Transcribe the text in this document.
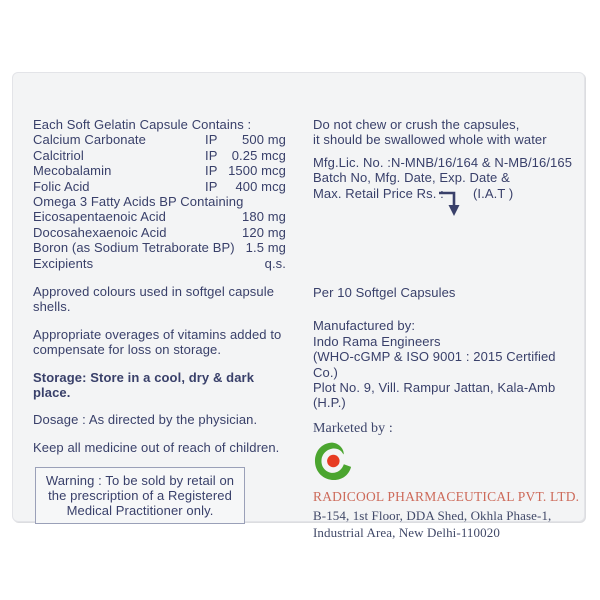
Each Soft Gelatin Capsule Contains :
Calcium Carbonate	IP 500 mg
Calcitriol	IP 0.25 mcg
Mecobalamin	IP 1500 mcg
Folic Acid	IP 400 mcg
Omega 3 Fatty Acids BP Containing
Eicosapentaenoic Acid	180 mg
Docosahexaenoic Acid	120 mg
Boron (as Sodium Tetraborate BP) 1.5 mg
Excipients	q.s.

Approved colours used in softgel capsule shells.

Appropriate overages of vitamins added to compensate for loss on storage.

Storage: Store in a cool, dry & dark place.

Dosage : As directed by the physician.

Keep all medicine out of reach of children.

Warning : To be sold by retail on the prescription of a Registered Medical Practitioner only.
Do not chew or crush the capsules,
it should be swallowed whole with water
Mfg.Lic. No. :N-MNB/16/164 & N-MB/16/165
Batch No, Mfg. Date, Exp. Date &
Max. Retail Price Rs. : (I.A.T )
Per 10 Softgel Capsules
Manufactured by:
Indo Rama Engineers
(WHO-cGMP & ISO 9001 : 2015 Certified Co.)
Plot No. 9, Vill. Rampur Jattan, Kala-Amb (H.P.)
Marketed by :
RADICOOL PHARMACEUTICAL PVT. LTD.
B-154, 1st Floor, DDA Shed, Okhla Phase-1,
Industrial Area, New Delhi-110020
